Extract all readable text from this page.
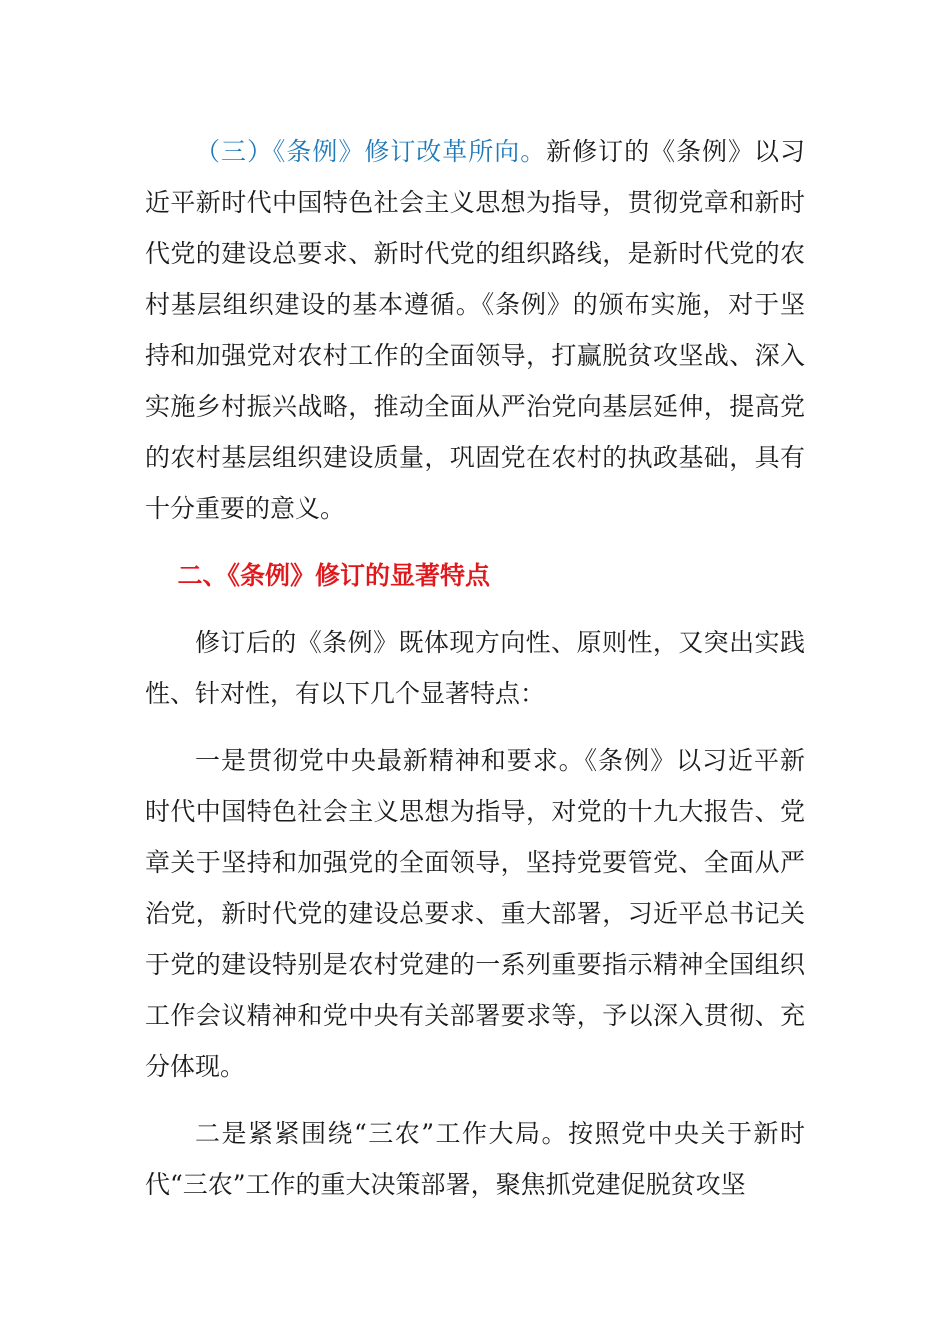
（三）《条例》修订改革所向。新修订的《条例》以习近平新时代中国特色社会主义思想为指导，贯彻党章和新时代党的建设总要求、新时代党的组织路线，是新时代党的农村基层组织建设的基本遵循。《条例》的颁布实施，对于坚持和加强党对农村工作的全面领导，打赢脱贫攻坚战、深入实施乡村振兴战略，推动全面从严治党向基层延伸，提高党的农村基层组织建设质量，巩固党在农村的执政基础，具有十分重要的意义。

二、《条例》修订的显著特点

修订后的《条例》既体现方向性、原则性，又突出实践性、针对性，有以下几个显著特点：

一是贯彻党中央最新精神和要求。《条例》以习近平新时代中国特色社会主义思想为指导，对党的十九大报告、党章关于坚持和加强党的全面领导，坚持党要管党、全面从严治党，新时代党的建设总要求、重大部署，习近平总书记关于党的建设特别是农村党建的一系列重要指示精神全国组织工作会议精神和党中央有关部署要求等，予以深入贯彻、充分体现。

二是紧紧围绕“三农”工作大局。按照党中央关于新时代“三农”工作的重大决策部署，聚焦抓党建促脱贫攻坚
